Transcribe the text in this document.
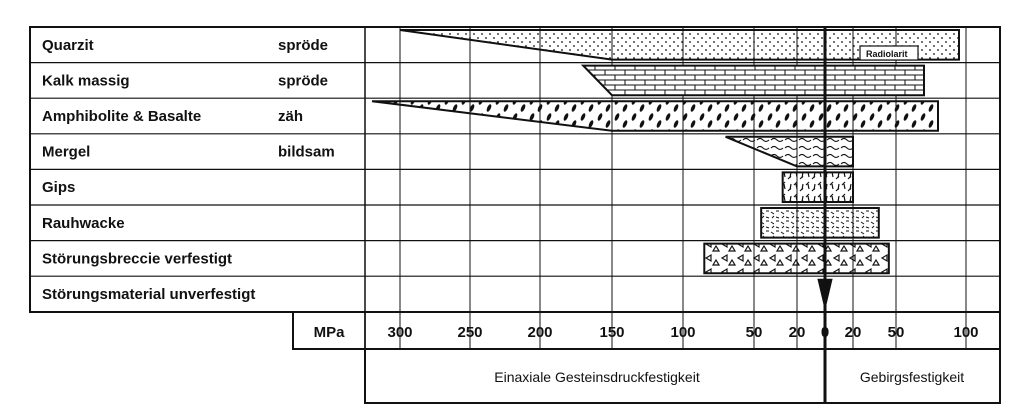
Quarzit	spröde
Kalk massig	spröde
Amphibolite & Basalte	zäh
Mergel	bildsam
Gips
Rauhwacke
Störungsbreccie verfestigt
Störungsmaterial unverfestigt
Radiolarit
300	250	200	150	100	50 20 0 20 50	100
MPa
Einaxiale Gesteinsdruckfestigkeit	Gebirgsfestigkeit
